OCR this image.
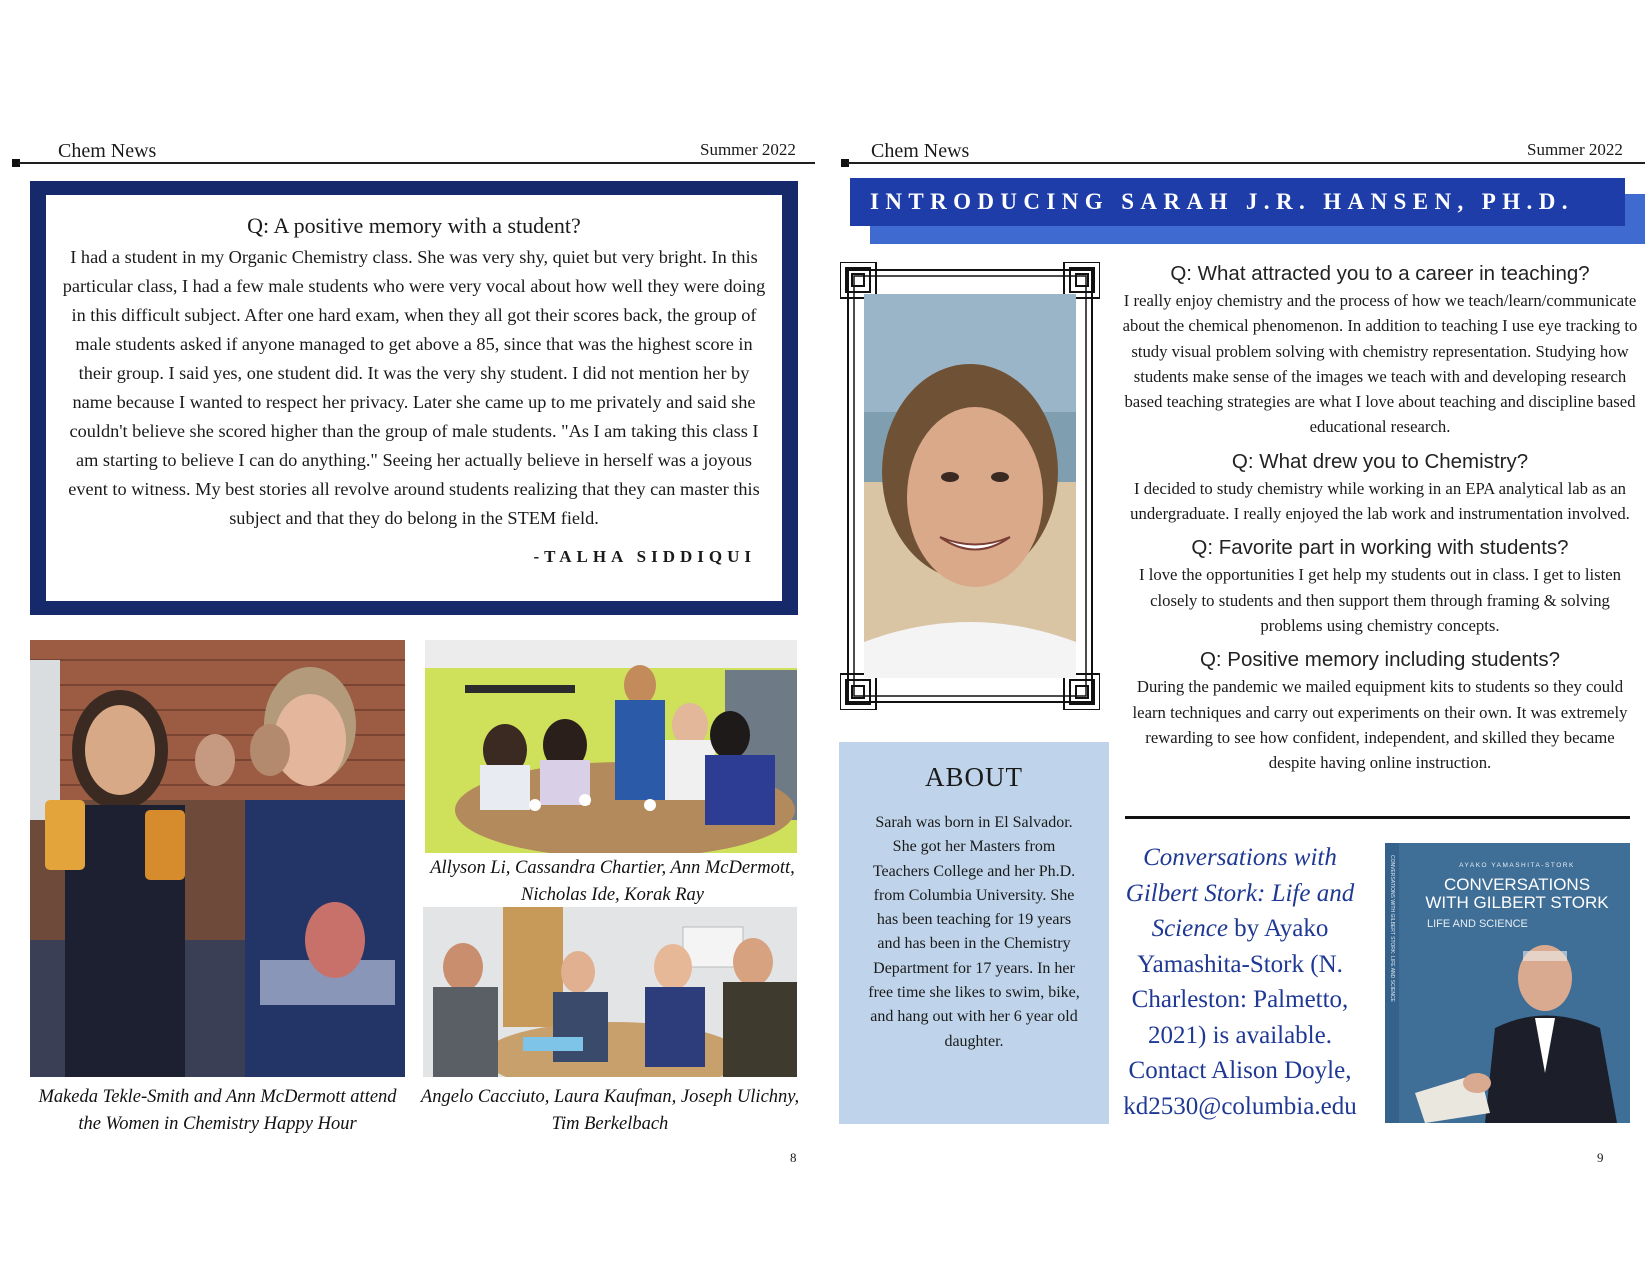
Chem News	Summer 2022
Q: A positive memory with a student?
I had a student in my Organic Chemistry class. She was very shy, quiet but very bright. In this particular class, I had a few male students who were very vocal about how well they were doing in this difficult subject. After one hard exam, when they all got their scores back, the group of male students asked if anyone managed to get above a 85, since that was the highest score in their group. I said yes, one student did. It was the very shy student. I did not mention her by name because I wanted to respect her privacy. Later she came up to me privately and said she couldn't believe she scored higher than the group of male students. "As I am taking this class I am starting to believe I can do anything." Seeing her actually believe in herself was a joyous event to witness. My best stories all revolve around students realizing that they can master this subject and that they do belong in the STEM field.
-TALHA SIDDIQUI
Makeda Tekle-Smith and Ann McDermott attend the Women in Chemistry Happy Hour
Allyson Li, Cassandra Chartier, Ann McDermott, Nicholas Ide, Korak Ray
Angelo Cacciuto, Laura Kaufman, Joseph Ulichny, Tim Berkelbach
8
Chem News	Summer 2022
INTRODUCING SARAH J.R. HANSEN, PH.D.
ABOUT
Sarah was born in El Salvador. She got her Masters from Teachers College and her Ph.D. from Columbia University. She has been teaching for 19 years and has been in the Chemistry Department for 17 years. In her free time she likes to swim, bike, and hang out with her 6 year old daughter.
Q: What attracted you to a career in teaching?
I really enjoy chemistry and the process of how we teach/learn/communicate about the chemical phenomenon. In addition to teaching I use eye tracking to study visual problem solving with chemistry representation. Studying how students make sense of the images we teach with and developing research based teaching strategies are what I love about teaching and discipline based educational research.
Q: What drew you to Chemistry?
I decided to study chemistry while working in an EPA analytical lab as an undergraduate. I really enjoyed the lab work and instrumentation involved.
Q: Favorite part in working with students?
I love the opportunities I get help my students out in class. I get to listen closely to students and then support them through framing & solving problems using chemistry concepts.
Q: Positive memory including students?
During the pandemic we mailed equipment kits to students so they could learn techniques and carry out experiments on their own. It was extremely rewarding to see how confident, independent, and skilled they became despite having online instruction.
Conversations with Gilbert Stork: Life and Science by Ayako Yamashita-Stork (N. Charleston: Palmetto, 2021) is available. Contact Alison Doyle, kd2530@columbia.edu
CONVERSATIONS WITH GILBERT STORK: LIFE AND SCIENCE	AYAKO YAMASHITA-STORK
CONVERSATIONS
WITH GILBERT STORK
LIFE AND SCIENCE
9
